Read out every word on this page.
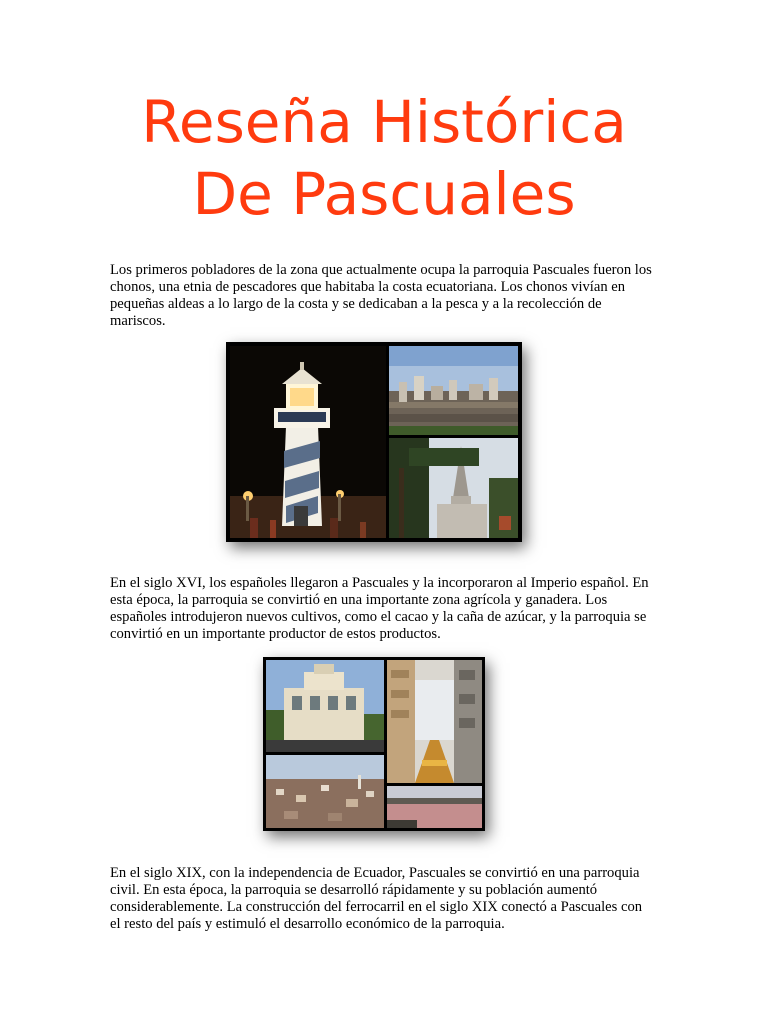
Reseña Histórica
De Pascuales

Los primeros pobladores de la zona que actualmente ocupa la parroquia Pascuales fueron los chonos, una etnia de pescadores que habitaba la costa ecuatoriana. Los chonos vivían en pequeñas aldeas a lo largo de la costa y se dedicaban a la pesca y a la recolección de mariscos.

En el siglo XVI, los españoles llegaron a Pascuales y la incorporaron al Imperio español. En esta época, la parroquia se convirtió en una importante zona agrícola y ganadera. Los españoles introdujeron nuevos cultivos, como el cacao y la caña de azúcar, y la parroquia se convirtió en un importante productor de estos productos.

En el siglo XIX, con la independencia de Ecuador, Pascuales se convirtió en una parroquia civil. En esta época, la parroquia se desarrolló rápidamente y su población aumentó considerablemente. La construcción del ferrocarril en el siglo XIX conectó a Pascuales con el resto del país y estimuló el desarrollo económico de la parroquia.
